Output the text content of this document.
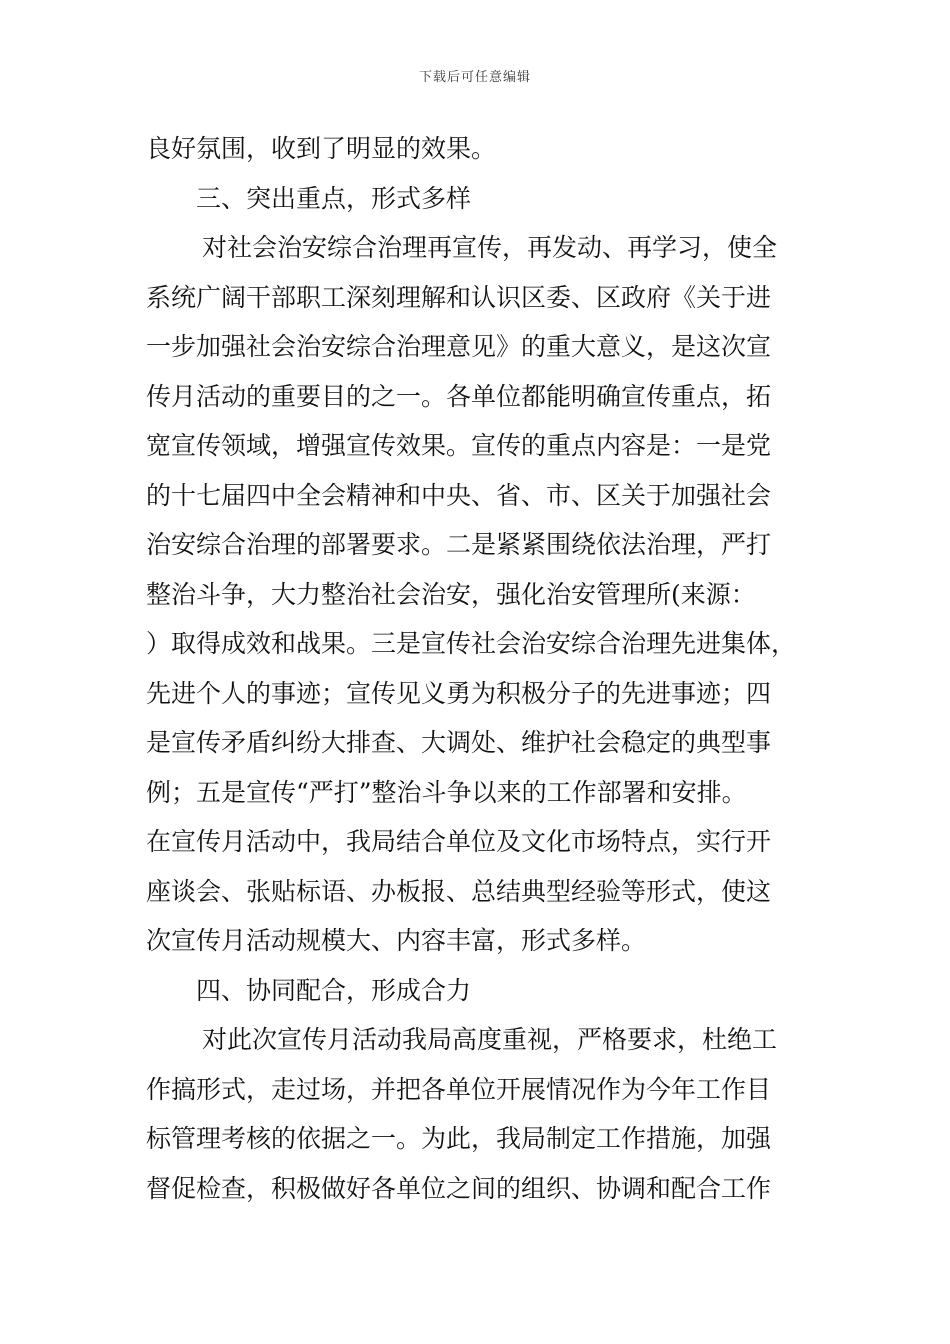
下载后可任意编辑
良好氛围，收到了明显的效果。
三、突出重点，形式多样
对社会治安综合治理再宣传，再发动、再学习，使全
系统广阔干部职工深刻理解和认识区委、区政府《关于进
一步加强社会治安综合治理意见》的重大意义，是这次宣
传月活动的重要目的之一。各单位都能明确宣传重点，拓
宽宣传领域，增强宣传效果。宣传的重点内容是：一是党
的十七届四中全会精神和中央、省、市、区关于加强社会
治安综合治理的部署要求。二是紧紧围绕依法治理，严打
整治斗争，大力整治社会治安，强化治安管理所(来源：
）取得成效和战果。三是宣传社会治安综合治理先进集体，
先进个人的事迹；宣传见义勇为积极分子的先进事迹；四
是宣传矛盾纠纷大排查、大调处、维护社会稳定的典型事
例；五是宣传“严打”整治斗争以来的工作部署和安排。
在宣传月活动中，我局结合单位及文化市场特点，实行开
座谈会、张贴标语、办板报、总结典型经验等形式，使这
次宣传月活动规模大、内容丰富，形式多样。
四、协同配合，形成合力
对此次宣传月活动我局高度重视，严格要求，杜绝工
作搞形式，走过场，并把各单位开展情况作为今年工作目
标管理考核的依据之一。为此，我局制定工作措施，加强
督促检查，积极做好各单位之间的组织、协调和配合工作
